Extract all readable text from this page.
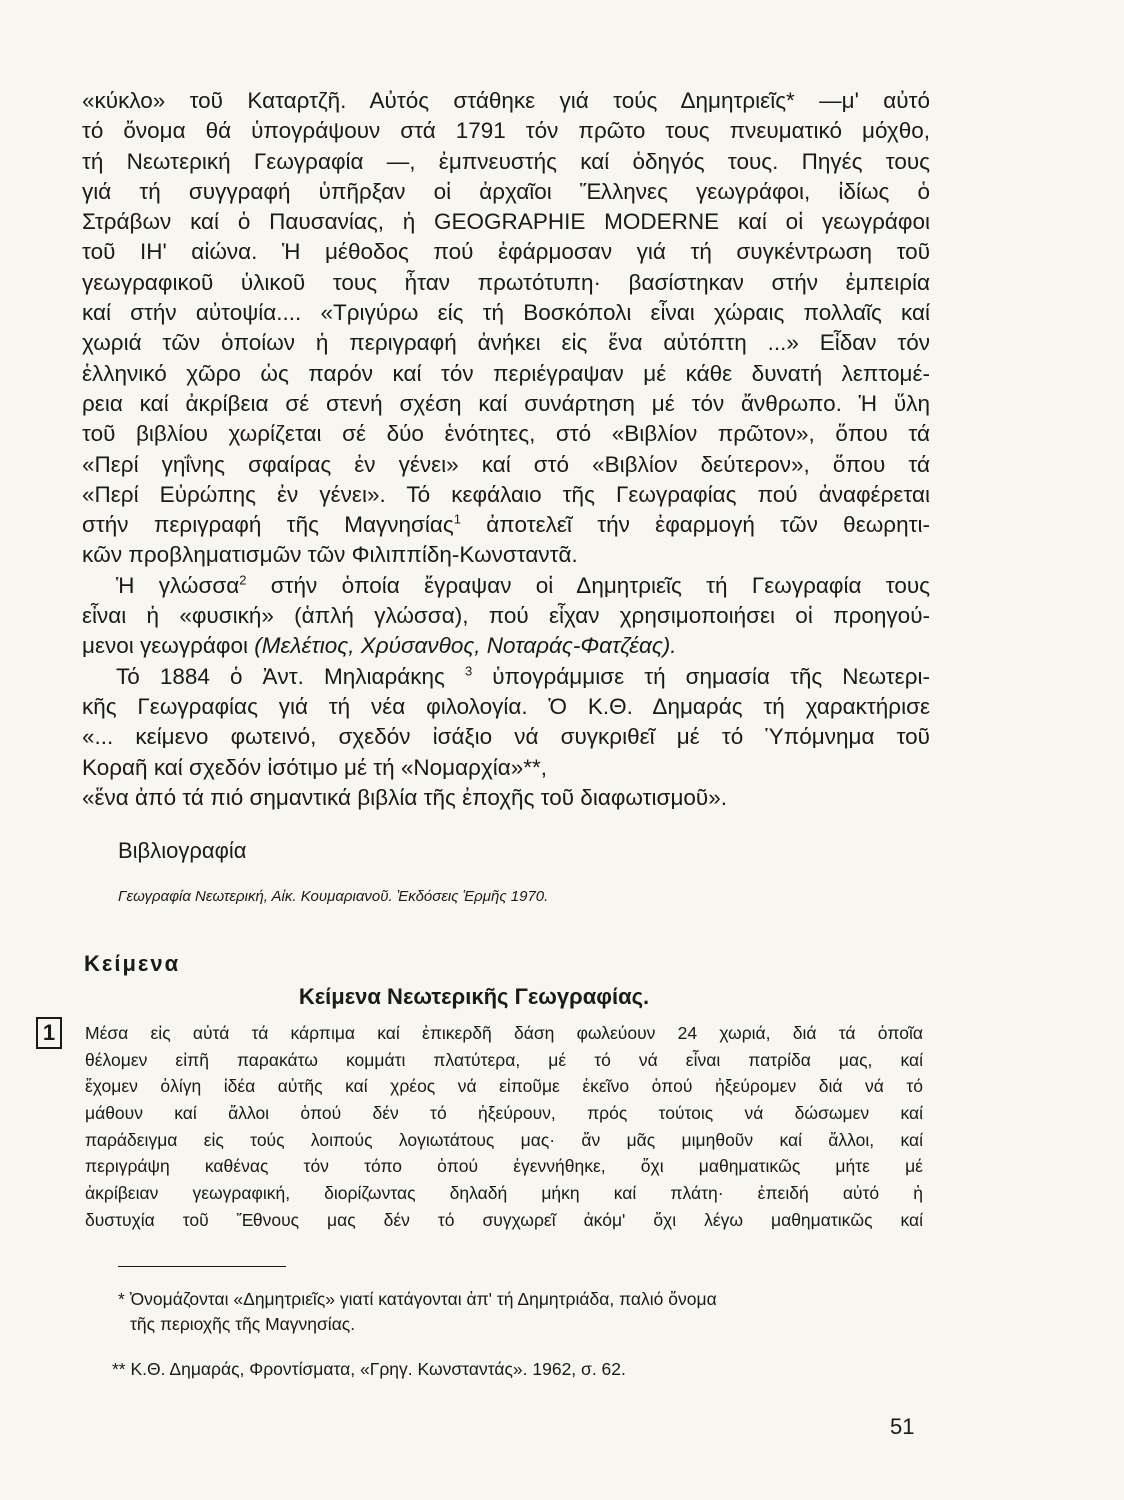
«κύκλο» τοῦ Καταρτζῆ. Αὐτός στάθηκε γιά τούς Δημητριεῖς* —μ' αὐτό
τό ὄνομα θά ὑπογράψουν στά 1791 τόν πρῶτο τους πνευματικό μόχθο,
τή Νεωτερική Γεωγραφία —, ἐμπνευστής καί ὁδηγός τους. Πηγές τους
γιά τή συγγραφή ὑπῆρξαν οἱ ἀρχαῖοι Ἕλληνες γεωγράφοι, ἰδίως ὁ
Στράβων καί ὁ Παυσανίας, ἡ GEOGRAPHIE MODERNE καί οἱ γεωγράφοι
τοῦ ΙΗ' αἰώνα. Ἡ μέθοδος πού ἐφάρμοσαν γιά τή συγκέντρωση τοῦ
γεωγραφικοῦ ὑλικοῦ τους ἦταν πρωτότυπη· βασίστηκαν στήν ἐμπειρία
καί στήν αὐτοψία.... «Τριγύρω είς τή Βοσκόπολι εἶναι χώραις πολλαῖς καί
χωριά τῶν ὁποίων ἡ περιγραφή ἀνήκει εἰς ἕνα αὐτόπτη ...» Εἶδαν τόν
ἑλληνικό χῶρο ὡς παρόν καί τόν περιέγραψαν μέ κάθε δυνατή λεπτομέ-
ρεια καί ἀκρίβεια σέ στενή σχέση καί συνάρτηση μέ τόν ἄνθρωπο. Ἡ ὕλη
τοῦ βιβλίου χωρίζεται σέ δύο ἑνότητες, στό «Βιβλίον πρῶτον», ὅπου τά
«Περί γηΐνης σφαίρας ἐν γένει» καί στό «Βιβλίον δεύτερον», ὅπου τά
«Περί Εὐρώπης ἐν γένει». Τό κεφάλαιο τῆς Γεωγραφίας πού ἀναφέρεται
στήν περιγραφή τῆς Μαγνησίας$^1$ ἀποτελεῖ τήν ἐφαρμογή τῶν θεωρητι-
κῶν προβληματισμῶν τῶν Φιλιππίδη-Κωνσταντᾶ.
Ἡ γλώσσα$^2$ στήν ὁποία ἔγραψαν οἱ Δημητριεῖς τή Γεωγραφία τους
εἶναι ἡ «φυσική» (ἁπλή γλώσσα), πού εἶχαν χρησιμοποιήσει οἱ προηγού-
μενοι γεωγράφοι (Μελέτιος, Χρύσανθος, Νοταράς-Φατζέας).
Τό 1884 ὁ Ἀντ. Μηλιαράκης $^3$ ὑπογράμμισε τή σημασία τῆς Νεωτερι-
κῆς Γεωγραφίας γιά τή νέα φιλολογία. Ὁ Κ.Θ. Δημαράς τή χαρακτήρισε
«... κείμενο φωτεινό, σχεδόν ἰσάξιο νά συγκριθεῖ μέ τό Ὑπόμνημα τοῦ
Κοραῆ καί σχεδόν ἰσότιμο μέ τή «Νομαρχία»**,
«ἕνα ἀπό τά πιό σημαντικά βιβλία τῆς ἐποχῆς τοῦ διαφωτισμοῦ».
Βιβλιογραφία
Γεωγραφία Νεωτερική, Αἰκ. Κουμαριανοῦ. Ἐκδόσεις Ἑρμῆς 1970.
Κείμενα
Κείμενα Νεωτερικῆς Γεωγραφίας.
1	Μέσα εἰς αὐτά τά κάρπιμα καί ἐπικερδῆ δάση φωλεύουν 24 χωριά, διά τά ὁποῖα
θέλομεν εἰπῆ παρακάτω κομμάτι πλατύτερα, μέ τό νά εἶναι πατρίδα μας, καί
ἔχομεν ὀλίγη ἰδέα αὐτῆς καί χρέος νά εἰποῦμε ἐκεῖνο ὁπού ἠξεύρομεν διά νά τό
μάθουν καί ἄλλοι ὁπού δέν τό ἠξεύρουν, πρός τούτοις νά δώσωμεν καί
παράδειγμα εἰς τούς λοιπούς λογιωτάτους μας· ἄν μᾶς μιμηθοῦν καί ἄλλοι, καί
περιγράψη καθένας τόν τόπο ὁπού ἐγεννήθηκε, ὄχι μαθηματικῶς μήτε μέ
ἀκρίβειαν γεωγραφική, διορίζωντας δηλαδή μήκη καί πλάτη· ἐπειδή αὐτό ἡ
δυστυχία τοῦ Ἔθνους μας δέν τό συγχωρεῖ ἀκόμ' ὄχι λέγω μαθηματικῶς καί
* Ὀνομάζονται «Δημητριεῖς» γιατί κατάγονται ἀπ' τή Δημητριάδα, παλιό ὄνομα
τῆς περιοχῆς τῆς Μαγνησίας.
** Κ.Θ. Δημαράς, Φροντίσματα, «Γρηγ. Κωνσταντάς». 1962, σ. 62.
51
